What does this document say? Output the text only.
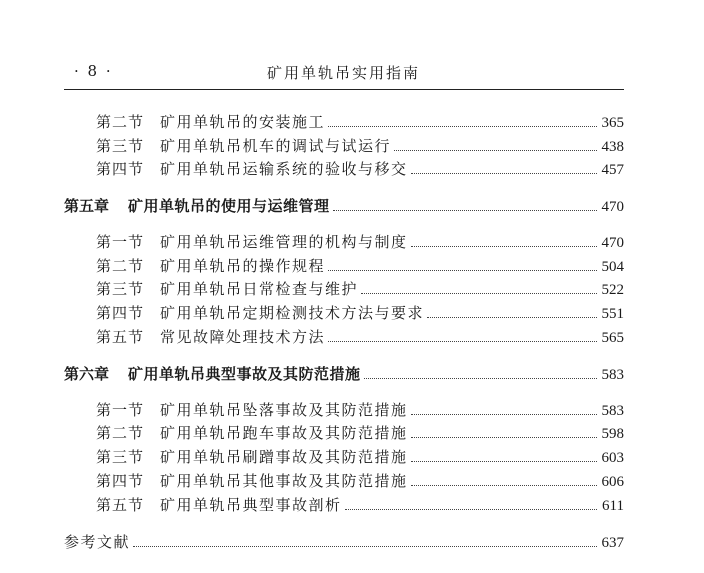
· 8 ·	矿用单轨吊实用指南
第二节 矿用单轨吊的安装施工	365
第三节 矿用单轨吊机车的调试与试运行	438
第四节 矿用单轨吊运输系统的验收与移交	457
第五章 矿用单轨吊的使用与运维管理	470
第一节 矿用单轨吊运维管理的机构与制度	470
第二节 矿用单轨吊的操作规程	504
第三节 矿用单轨吊日常检查与维护	522
第四节 矿用单轨吊定期检测技术方法与要求	551
第五节 常见故障处理技术方法	565
第六章 矿用单轨吊典型事故及其防范措施	583
第一节 矿用单轨吊坠落事故及其防范措施	583
第二节 矿用单轨吊跑车事故及其防范措施	598
第三节 矿用单轨吊刷蹭事故及其防范措施	603
第四节 矿用单轨吊其他事故及其防范措施	606
第五节 矿用单轨吊典型事故剖析	611
参考文献	637
